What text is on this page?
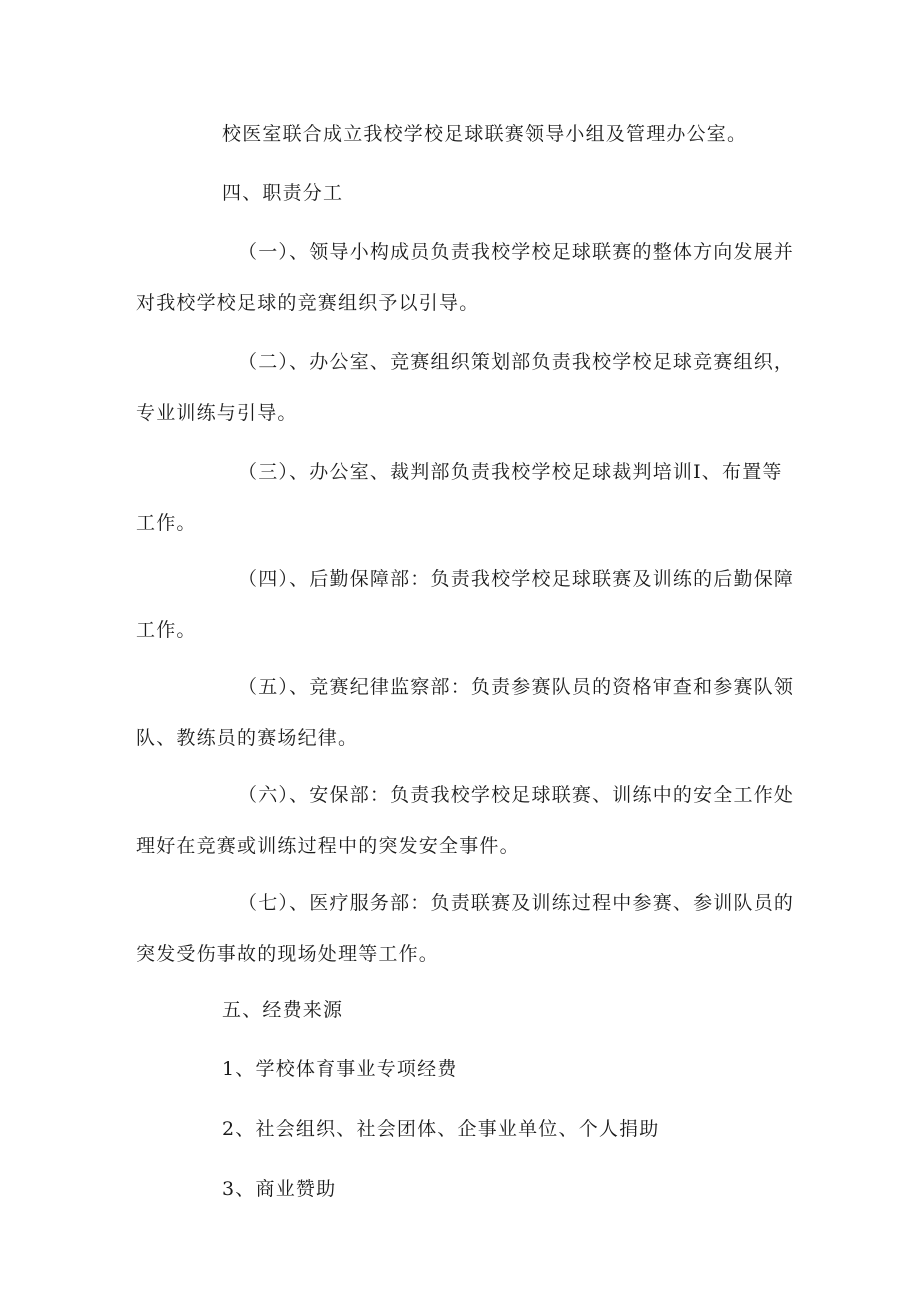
校医室联合成立我校学校足球联赛领导小组及管理办公室。
四、职责分工
（一）、领导小构成员负责我校学校足球联赛的整体方向发展并
对我校学校足球的竞赛组织予以引导。
（二）、办公室、竞赛组织策划部负责我校学校足球竞赛组织，
专业训练与引导。
（三）、办公室、裁判部负责我校学校足球裁判培训Ⅰ、布置等
工作。
（四）、后勤保障部：负责我校学校足球联赛及训练的后勤保障
工作。
（五）、竞赛纪律监察部：负责参赛队员的资格审查和参赛队领
队、教练员的赛场纪律。
（六）、安保部：负责我校学校足球联赛、训练中的安全工作处
理好在竞赛或训练过程中的突发安全事件。
（七）、医疗服务部：负责联赛及训练过程中参赛、参训队员的
突发受伤事故的现场处理等工作。
五、经费来源
1、学校体育事业专项经费
2、社会组织、社会团体、企事业单位、个人捐助
3、商业赞助
